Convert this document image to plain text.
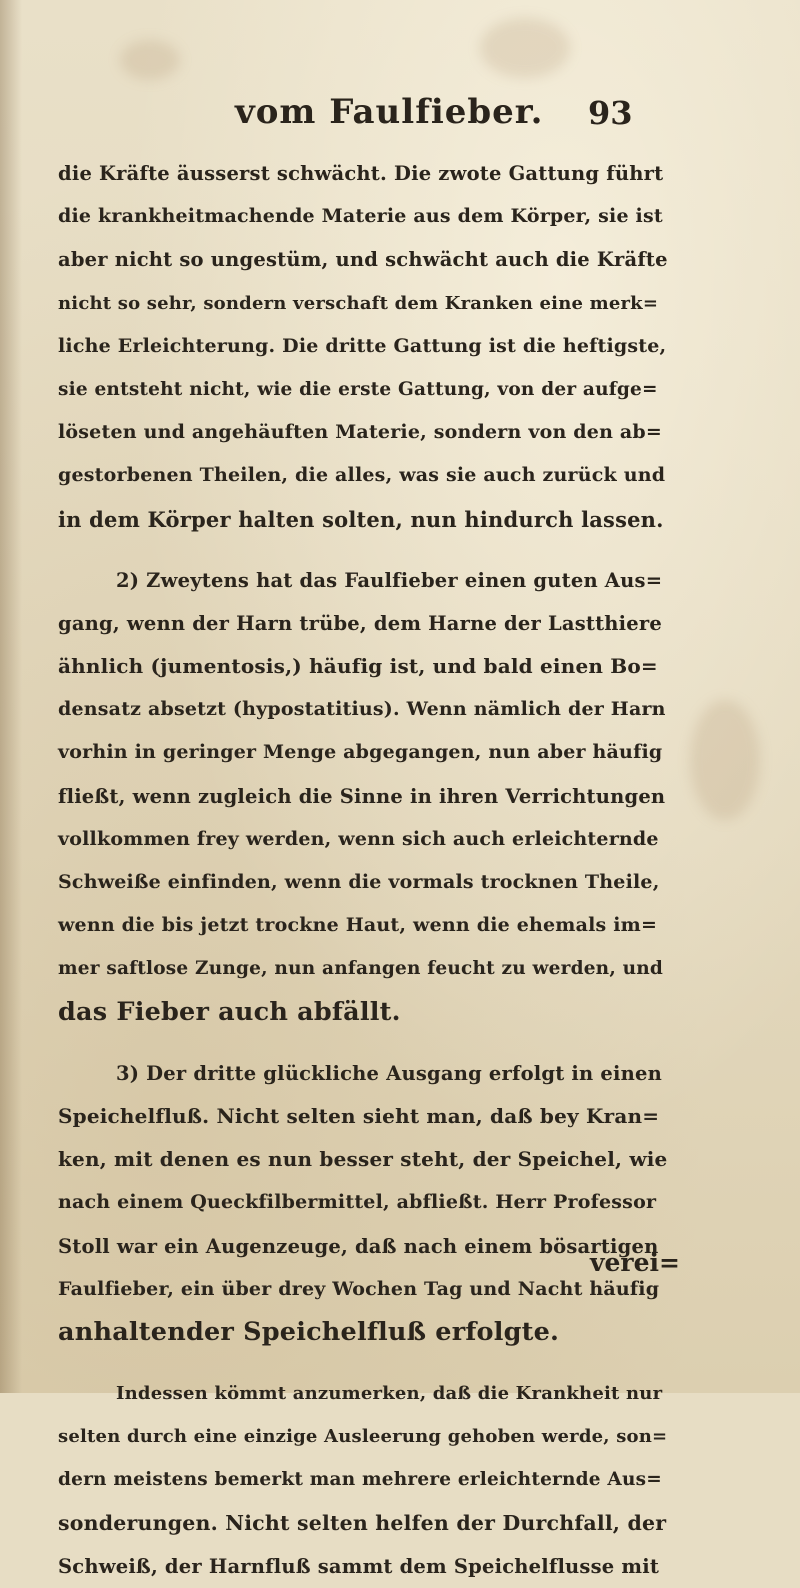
vom Faulfieber. 93
die Kräfte äusserst schwächt. Die zwote Gattung führt
die krankheitmachende Materie aus dem Körper, sie ist
aber nicht so ungestüm, und schwächt auch die Kräfte
nicht so sehr, sondern verschaft dem Kranken eine merk=
liche Erleichterung. Die dritte Gattung ist die heftigste,
sie entsteht nicht, wie die erste Gattung, von der aufge=
löseten und angehäuften Materie, sondern von den ab=
gestorbenen Theilen, die alles, was sie auch zurück und
in dem Körper halten solten, nun hindurch lassen.
2) Zweytens hat das Faulfieber einen guten Aus=
gang, wenn der Harn trübe, dem Harne der Lastthiere
ähnlich (jumentosis,) häufig ist, und bald einen Bo=
densatz absetzt (hypostatitius). Wenn nämlich der Harn
vorhin in geringer Menge abgegangen, nun aber häufig
fließt, wenn zugleich die Sinne in ihren Verrichtungen
vollkommen frey werden, wenn sich auch erleichternde
Schweiße einfinden, wenn die vormals trocknen Theile,
wenn die bis jetzt trockne Haut, wenn die ehemals im=
mer saftlose Zunge, nun anfangen feucht zu werden, und
das Fieber auch abfällt.
3) Der dritte glückliche Ausgang erfolgt in einen
Speichelfluß. Nicht selten sieht man, daß bey Kran=
ken, mit denen es nun besser steht, der Speichel, wie
nach einem Queckfilbermittel, abfließt. Herr Professor
Stoll war ein Augenzeuge, daß nach einem bösartigen
Faulfieber, ein über drey Wochen Tag und Nacht häufig
anhaltender Speichelfluß erfolgte.
Indessen kömmt anzumerken, daß die Krankheit nur
selten durch eine einzige Ausleerung gehoben werde, son=
dern meistens bemerkt man mehrere erleichternde Aus=
sonderungen. Nicht selten helfen der Durchfall, der
Schweiß, der Harnfluß sammt dem Speichelflusse mit
verei=
